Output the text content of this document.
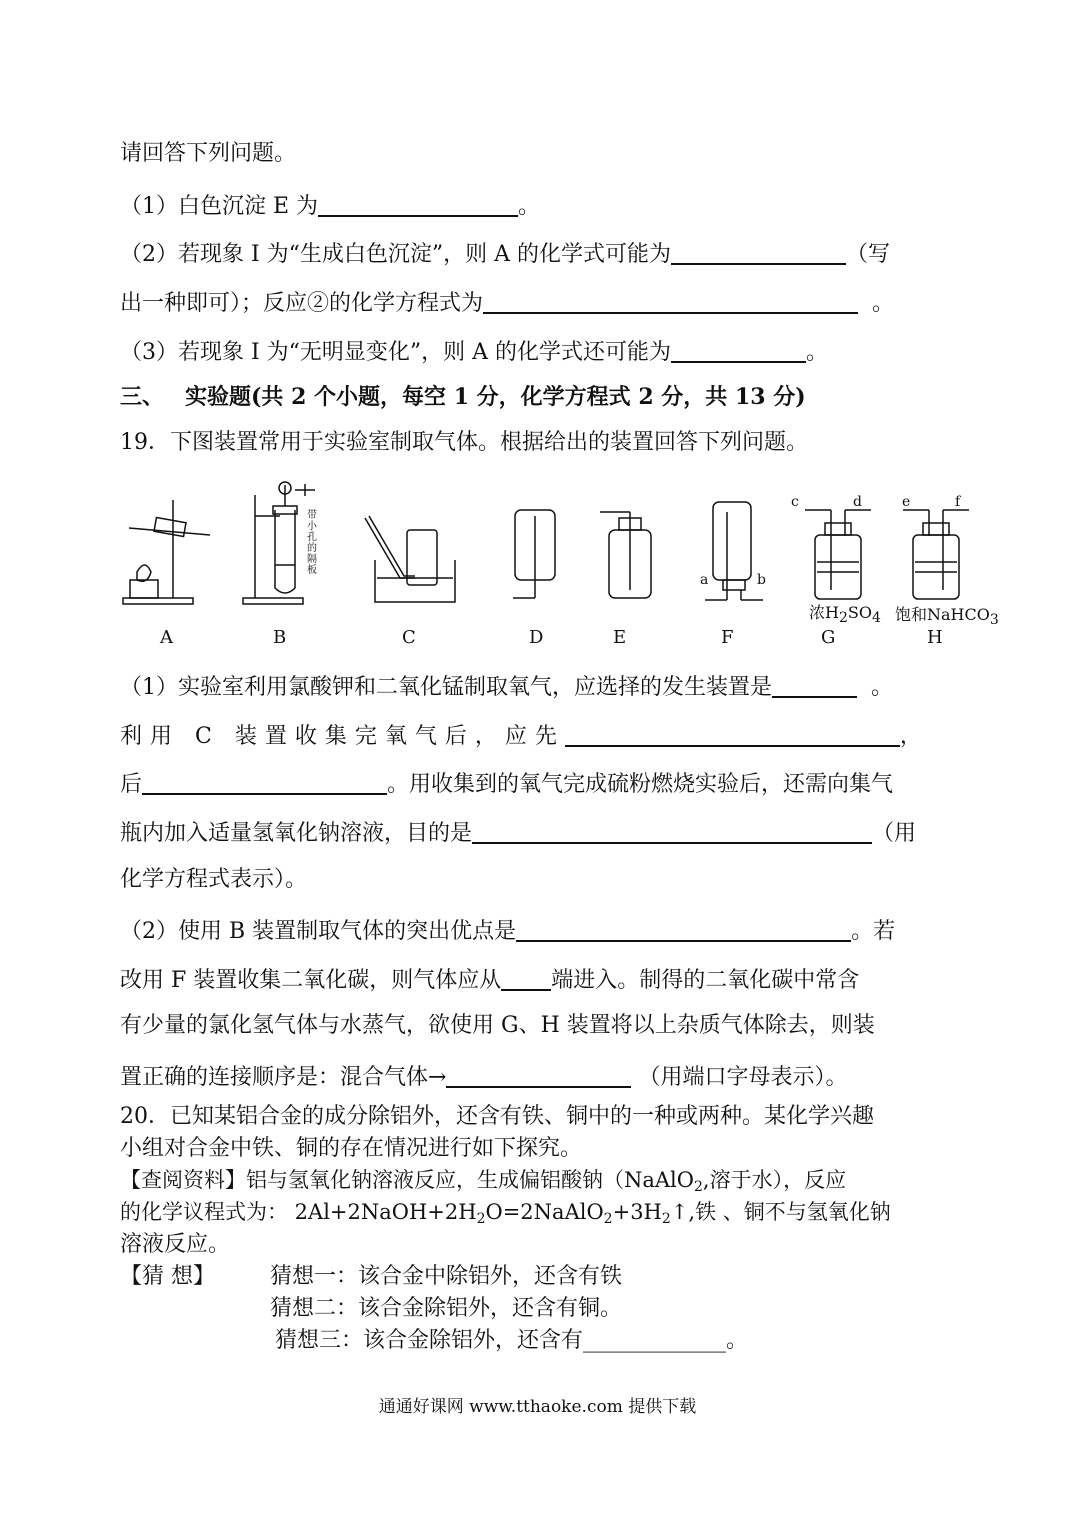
请回答下列问题。
（1）白色沉淀 E 为	。
（2）若现象 I 为“生成白色沉淀”，则 A 的化学式可能为	（写
出一种即可）；反应②的化学方程式为	。
（3）若现象 I 为“无明显变化”，则 A 的化学式还可能为	。
三、 实验题(共 2 个小题，每空 1 分，化学方程式 2 分，共 13 分)
19．下图装置常用于实验室制取气体。根据给出的装置回答下列问题。
带小孔的隔板
a	b
c	d	e	f
浓H2SO4 饱和NaHCO3
A	B	C	D	E	F	G	H
（1）实验室利用氯酸钾和二氧化锰制取氧气，应选择的发生装置是	。
利用 C 装置收集完氧气后，应先	，
后	。用收集到的氧气完成硫粉燃烧实验后，还需向集气
瓶内加入适量氢氧化钠溶液，目的是	（用
化学方程式表示）。
（2）使用 B 装置制取气体的突出优点是	。若
改用 F 装置收集二氧化碳，则气体应从 端进入。制得的二氧化碳中常含
有少量的氯化氢气体与水蒸气，欲使用 G、H 装置将以上杂质气体除去，则装
置正确的连接顺序是：混合气体→	（用端口字母表示）。
20．已知某铝合金的成分除铝外，还含有铁、铜中的一种或两种。某化学兴趣
小组对合金中铁、铜的存在情况进行如下探究。
【查阅资料】铝与氢氧化钠溶液反应，生成偏铝酸钠（NaAlO$_2$,溶于水），反应
的化学议程式为： $2Al+2NaOH+2H_2O=2NaAlO_2+3H_2↑$,铁 、铜不与氢氧化钠
溶液反应。
【猜 想】	猜想一：该合金中除铝外，还含有铁
猜想二：该合金除铝外，还含有铜。
猜想三：该合金除铝外，还含有_____________。
通通好课网 www.tthaoke.com 提供下载
